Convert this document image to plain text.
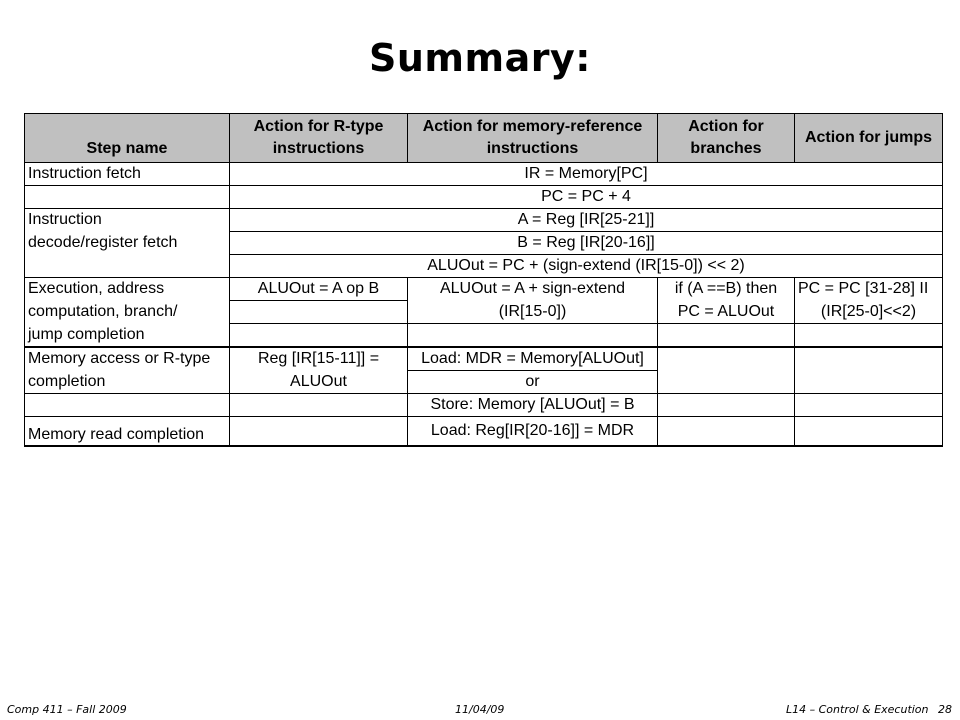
Summary:
Step name	Action for R-type instructions	Action for memory-reference instructions	Action for branches	Action for jumps
Instruction fetch	IR = Memory[PC]			
	PC = PC + 4			
Instruction	A = Reg [IR[25-21]]			
decode/register fetch	B = Reg [IR[20-16]]			
	ALUOut = PC + (sign-extend (IR[15-0]) << 2)			
Execution, address	ALUOut = A op B	ALUOut = A + sign-extend	if (A ==B) then	PC = PC [31-28] II
computation, branch/		(IR[15-0])	PC = ALUOut	(IR[25-0]<<2)
jump completion				
Memory access or R-type	Reg [IR[15-11]] =	Load: MDR = Memory[ALUOut]		
completion	ALUOut	or		
		Store: Memory [ALUOut] = B		
Memory read completion		Load: Reg[IR[20-16]] = MDR		
Comp 411 – Fall 2009	11/04/09	L14 – Control & Execution 28
